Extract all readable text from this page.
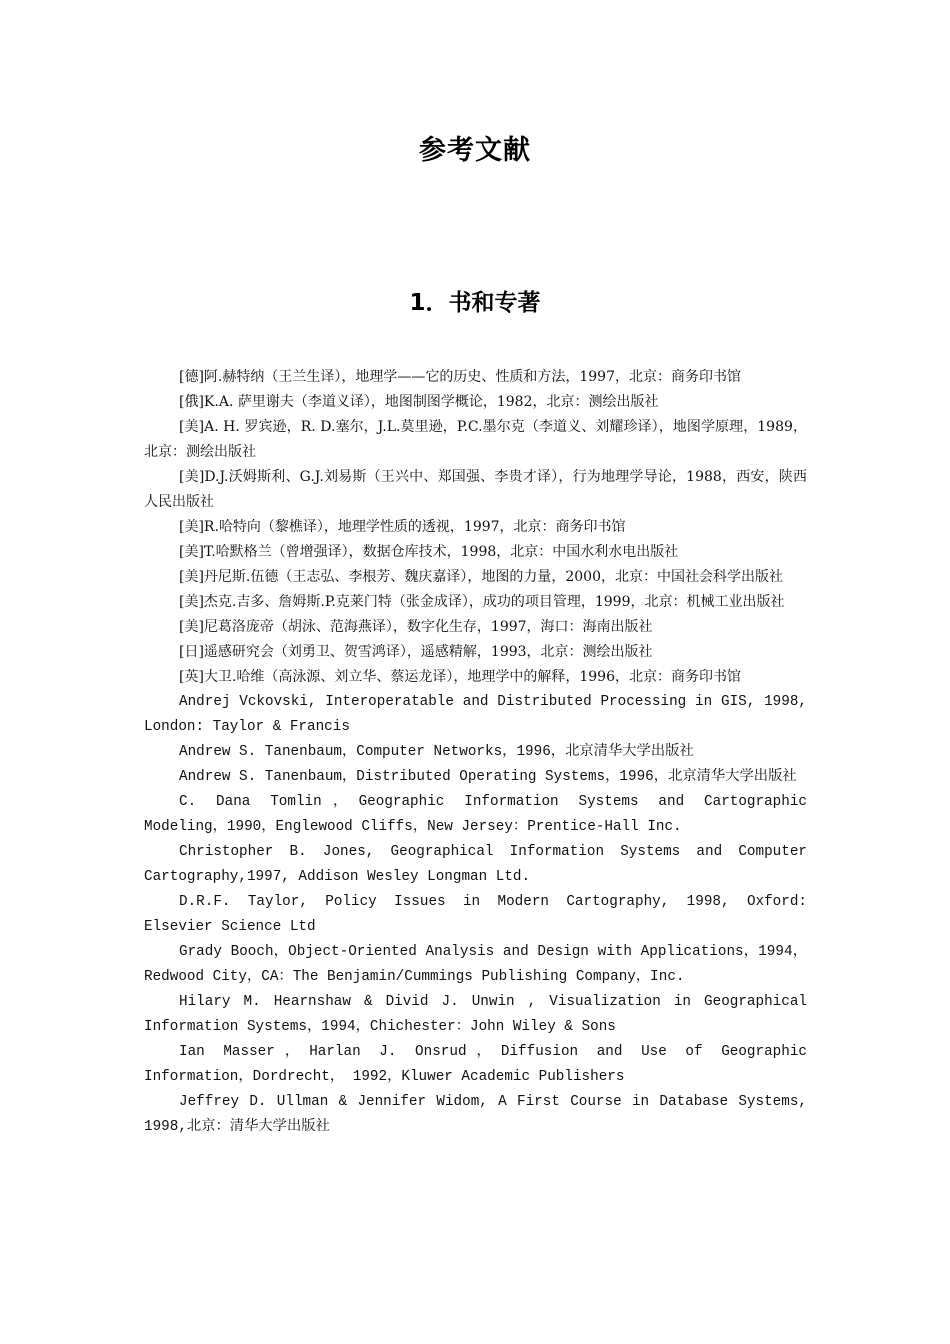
参考文献
1．书和专著

[德]阿.赫特纳（王兰生译），地理学——它的历史、性质和方法，1997，北京：商务印书馆

[俄]K.A. 萨里谢夫（李道义译），地图制图学概论，1982，北京：测绘出版社

[美]A. H. 罗宾逊，R. D.塞尔，J.L.莫里逊，P.C.墨尔克（李道义、刘耀珍译），地图学原理，1989，北京：测绘出版社

[美]D.J.沃姆斯利、G.J.刘易斯（王兴中、郑国强、李贵才译），行为地理学导论，1988，西安，陕西人民出版社

[美]R.哈特向（黎樵译），地理学性质的透视，1997，北京：商务印书馆

[美]T.哈默格兰（曾增强译），数据仓库技术，1998，北京：中国水利水电出版社

[美]丹尼斯.伍德（王志弘、李根芳、魏庆嘉译），地图的力量，2000，北京：中国社会科学出版社

[美]杰克.吉多、詹姆斯.P.克莱门特（张金成译），成功的项目管理，1999，北京：机械工业出版社

[美]尼葛洛庞帝（胡泳、范海燕译），数字化生存，1997，海口：海南出版社

[日]遥感研究会（刘勇卫、贺雪鸿译），遥感精解，1993，北京：测绘出版社

[英]大卫.哈维（高泳源、刘立华、蔡运龙译），地理学中的解释，1996，北京：商务印书馆

Andrej Vckovski, Interoperatable and Distributed Processing in GIS, 1998, London: Taylor & Francis

Andrew S. Tanenbaum，Computer Networks，1996，北京清华大学出版社

Andrew S. Tanenbaum，Distributed Operating Systems，1996，北京清华大学出版社

C. Dana Tomlin，Geographic Information Systems and Cartographic Modeling，1990，Englewood Cliffs，New Jersey：Prentice-Hall Inc.

Christopher B. Jones, Geographical Information Systems and Computer Cartography,1997, Addison Wesley Longman Ltd.

D.R.F. Taylor, Policy Issues in Modern Cartography, 1998, Oxford: Elsevier Science Ltd

Grady Booch，Object-Oriented Analysis and Design with Applications，1994，Redwood City，CA：The Benjamin/Cummings Publishing Company，Inc.

Hilary M. Hearnshaw & Divid J. Unwin , Visualization in Geographical Information Systems，1994，Chichester：John Wiley & Sons

Ian Masser，Harlan J. Onsrud，Diffusion and Use of Geographic Information，Dordrecht， 1992，Kluwer Academic Publishers

Jeffrey D. Ullman & Jennifer Widom, A First Course in Database Systems, 1998,北京：清华大学出版社
